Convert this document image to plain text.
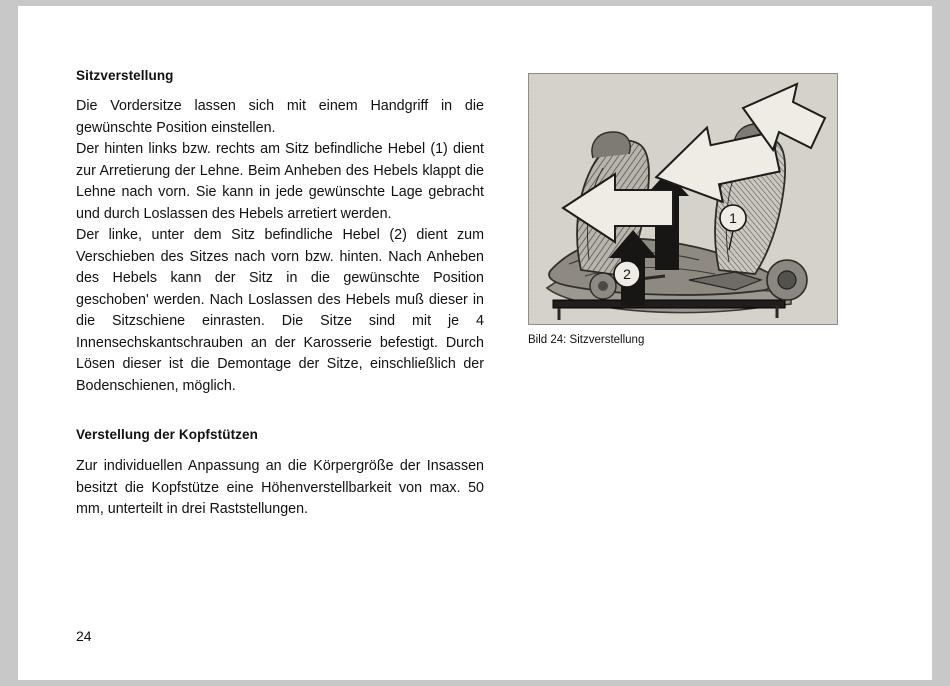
Sitzverstellung

Die Vordersitze lassen sich mit einem Handgriff in die gewünschte Position einstellen.

Der hinten links bzw. rechts am Sitz befindliche Hebel (1) dient zur Arretierung der Lehne. Beim Anheben des Hebels klappt die Lehne nach vorn. Sie kann in jede gewünschte Lage gebracht und durch Loslassen des Hebels arretiert werden.

Der linke, unter dem Sitz befindliche Hebel (2) dient zum Verschieben des Sitzes nach vorn bzw. hinten. Nach Anheben des Hebels kann der Sitz in die gewünschte Position geschoben' werden. Nach Loslassen des Hebels muß dieser in die Sitzschiene einrasten. Die Sitze sind mit je 4 Innensechskantschrauben an der Karosserie befestigt. Durch Lösen dieser ist die Demontage der Sitze, einschließlich der Bodenschienen, möglich.

Verstellung der Kopfstützen

Zur individuellen Anpassung an die Körpergröße der Insassen besitzt die Kopfstütze eine Höhenverstellbarkeit von max. 50 mm, unterteilt in drei Raststellungen.

1
2
Bild 24: Sitzverstellung
24
